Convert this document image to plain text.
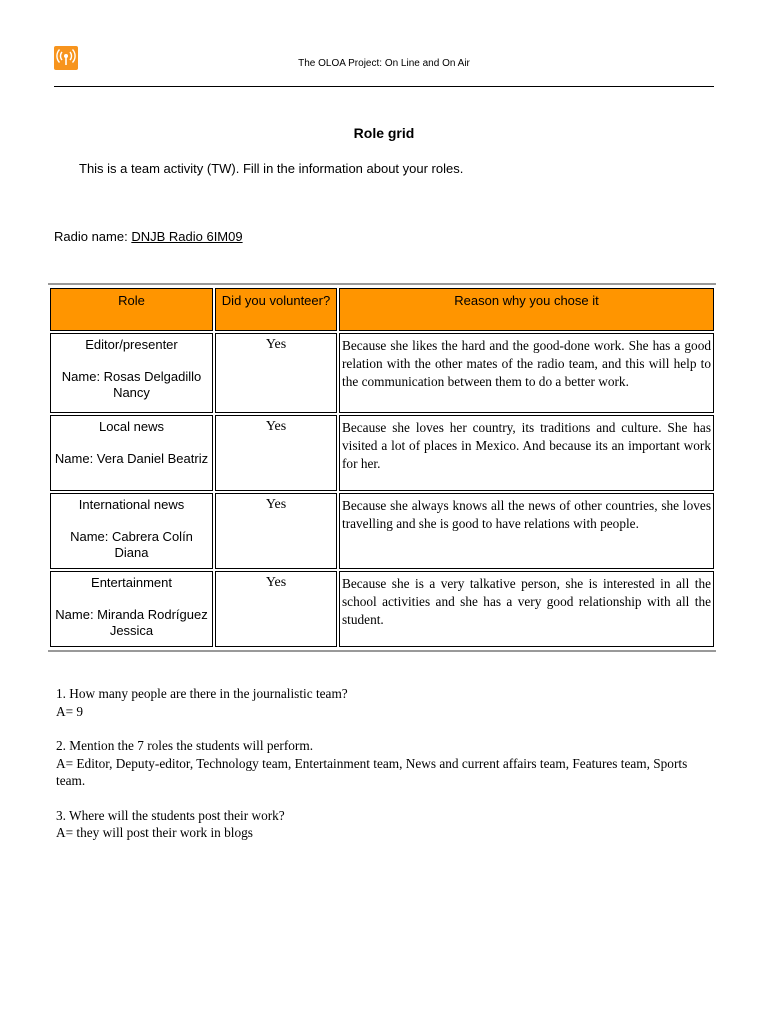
The OLOA Project: On Line and On Air
Role grid
This is a team activity (TW). Fill in the information about your roles.
Radio name: DNJB Radio 6IM09
Role	Did you volunteer?	Reason why you chose it

Editor/presenter
Name: Rosas Delgadillo Nancy	Yes	Because she likes the hard and the good-done work. She has a good relation with the other mates of the radio team, and this will help to the communication between them to do a better work.

Local news
Name: Vera Daniel Beatriz	Yes	Because she loves her country, its traditions and culture. She has visited a lot of places in Mexico. And because its an important work for her.

International news
Name: Cabrera Colín Diana	Yes	Because she always knows all the news of other countries, she loves travelling and she is good to have relations with people.

Entertainment
Name: Miranda Rodríguez Jessica	Yes	Because she is a very talkative person, she is interested in all the school activities and she has a very good relationship with all the student.
1. How many people are there in the journalistic team?
A= 9
2. Mention the 7 roles the students will perform.
A= Editor, Deputy-editor, Technology team, Entertainment team, News and current affairs team, Features team, Sports team.
3. Where will the students post their work?
A= they will post their work in blogs
